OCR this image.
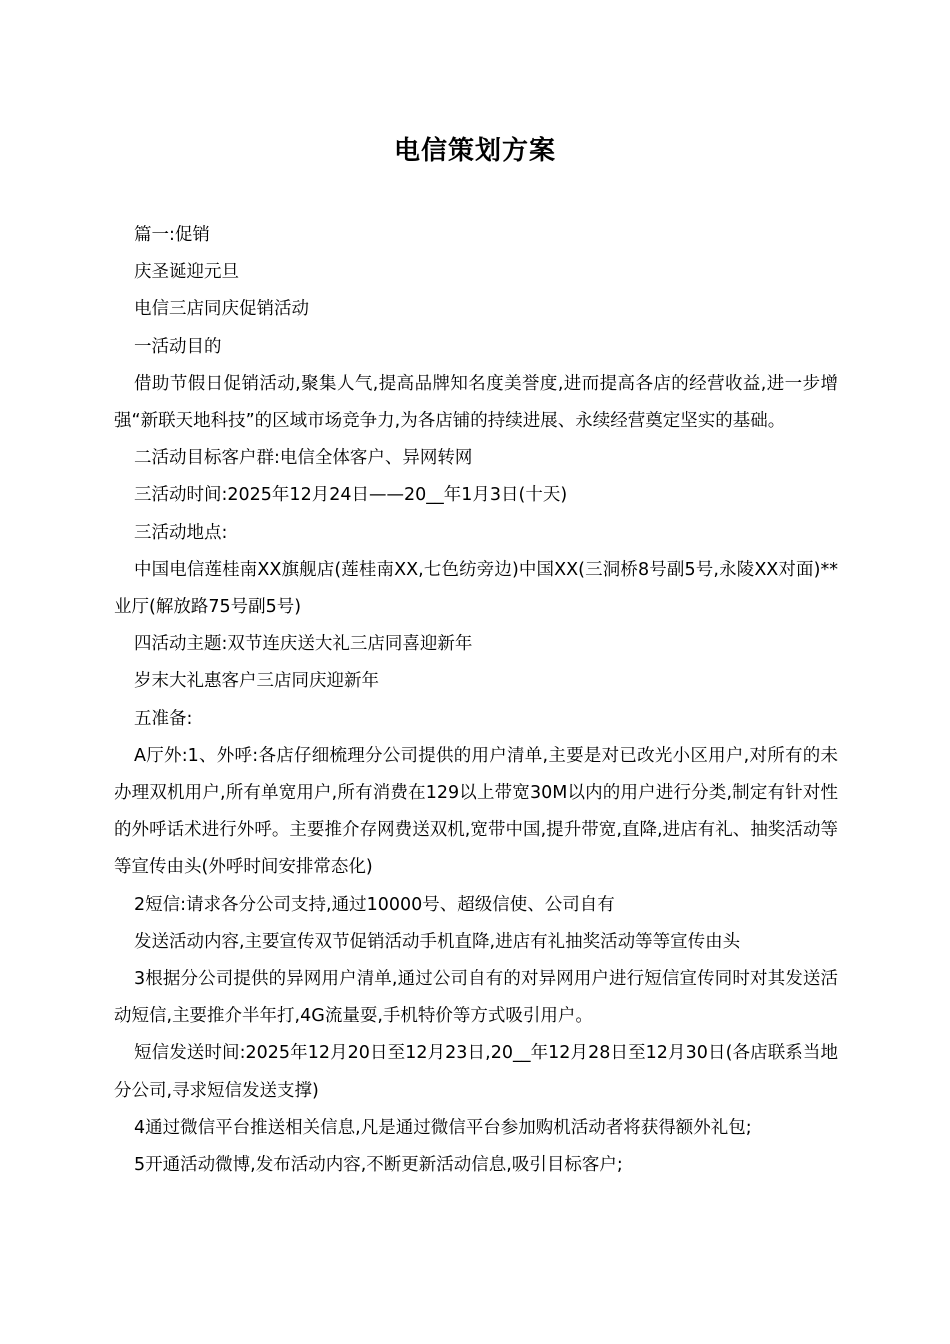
电信策划方案

篇一:促销

庆圣诞迎元旦

电信三店同庆促销活动

一活动目的

借助节假日促销活动,聚集人气,提高品牌知名度美誉度,进而提高各店的经营收益,进一步增强“新联天地科技”的区域市场竞争力,为各店铺的持续进展、永续经营奠定坚实的基础。

二活动目标客户群:电信全体客户、异网转网

三活动时间:2025年12月24日——20__年1月3日(十天)

三活动地点:

中国电信莲桂南XX旗舰店(莲桂南XX,七色纺旁边)中国XX(三洞桥8号副5号,永陵XX对面)**业厅(解放路75号副5号)

四活动主题:双节连庆送大礼三店同喜迎新年

岁末大礼惠客户三店同庆迎新年

五准备:

A厅外:1、外呼:各店仔细梳理分公司提供的用户清单,主要是对已改光小区用户,对所有的未办理双机用户,所有单宽用户,所有消费在129以上带宽30M以内的用户进行分类,制定有针对性的外呼话术进行外呼。主要推介存网费送双机,宽带中国,提升带宽,直降,进店有礼、抽奖活动等等宣传由头(外呼时间安排常态化)

2短信:请求各分公司支持,通过10000号、超级信使、公司自有

发送活动内容,主要宣传双节促销活动手机直降,进店有礼抽奖活动等等宣传由头

3根据分公司提供的异网用户清单,通过公司自有的对异网用户进行短信宣传同时对其发送活动短信,主要推介半年打,4G流量耍,手机特价等方式吸引用户。

短信发送时间:2025年12月20日至12月23日,20__年12月28日至12月30日(各店联系当地分公司,寻求短信发送支撑)

4通过微信平台推送相关信息,凡是通过微信平台参加购机活动者将获得额外礼包;

5开通活动微博,发布活动内容,不断更新活动信息,吸引目标客户;
